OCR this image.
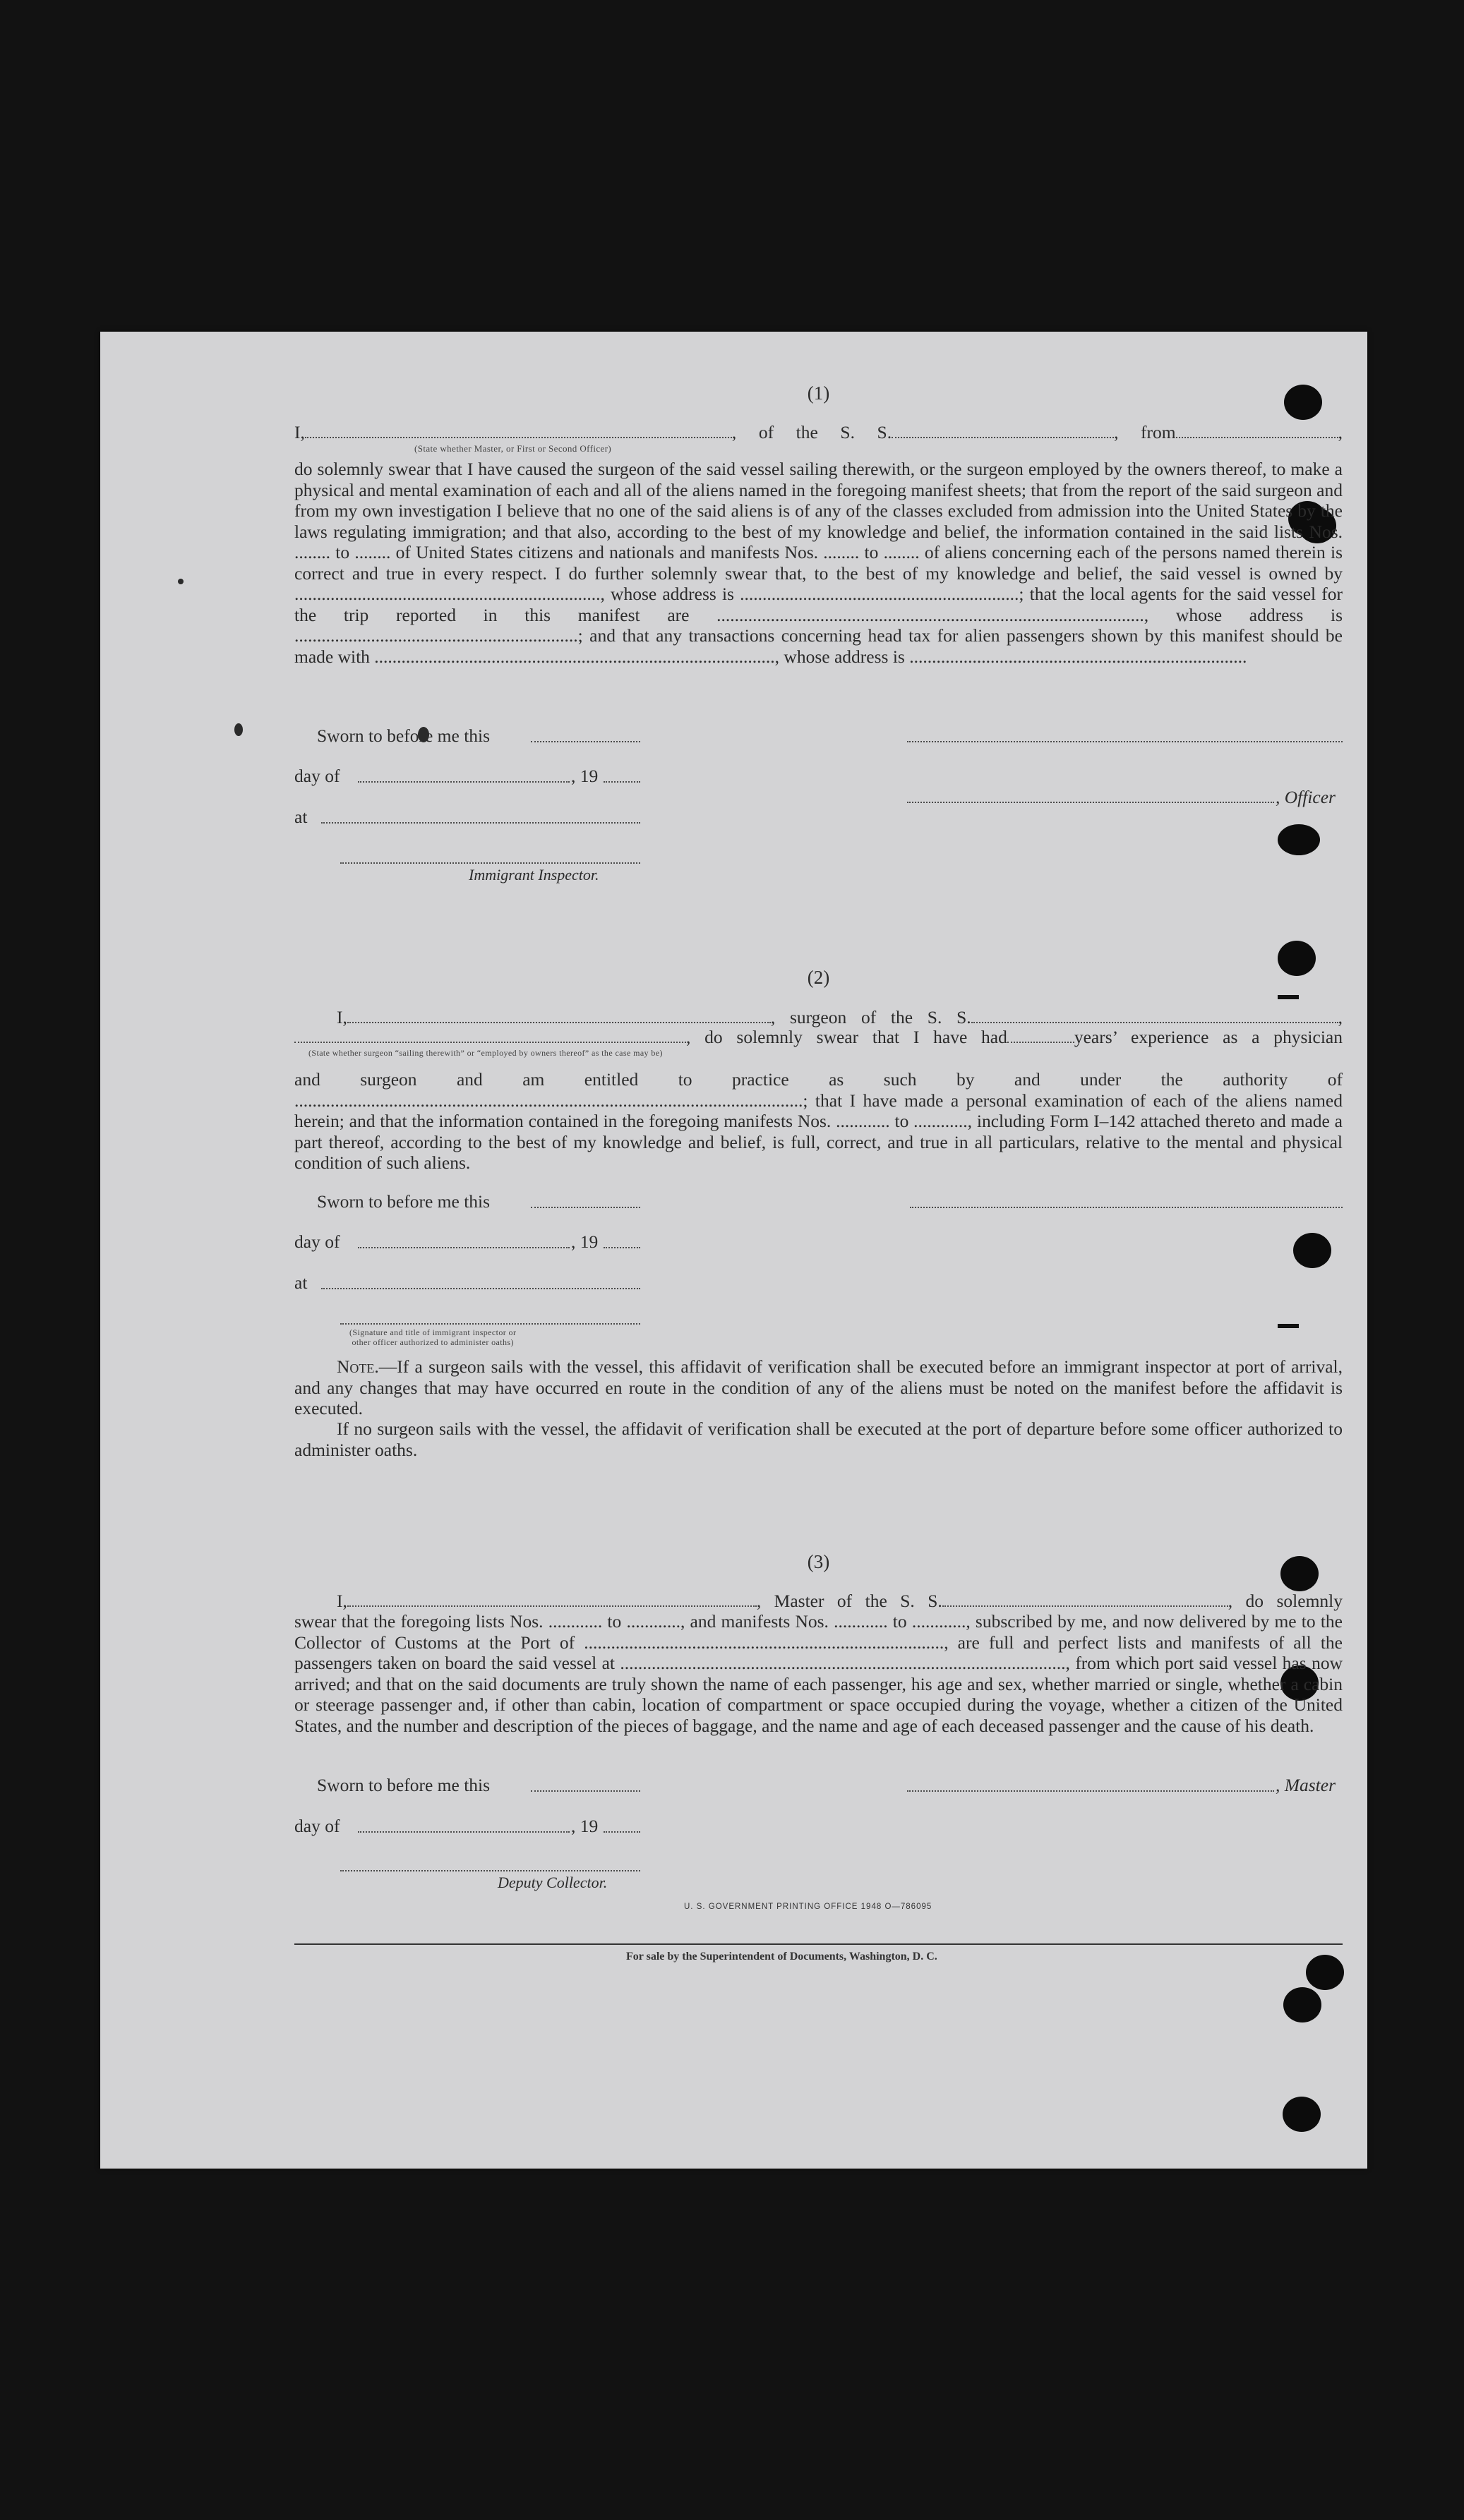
(1)
I,	, of the S. S.	, from	,
(State whether Master, or First or Second Officer)
do solemnly swear that I have caused the surgeon of the said vessel sailing therewith, or the surgeon employed by the owners thereof, to make a physical and mental examination of each and all of the aliens named in the foregoing manifest sheets; that from the report of the said surgeon and from my own investigation I believe that no one of the said aliens is of any of the classes excluded from admission into the United States by the laws regulating immigration; and that also, according to the best of my knowledge and belief, the information contained in the said lists Nos. ........ to ........ of United States citizens and nationals and manifests Nos. ........ to ........ of aliens concerning each of the persons named therein is correct and true in every respect. I do further solemnly swear that, to the best of my knowledge and belief, the said vessel is owned by ...................................................................., whose address is ..............................................................; that the local agents for the said vessel for the trip reported in this manifest are ..............................................................................................., whose address is ...............................................................; and that any transactions concerning head tax for alien passengers shown by this manifest should be made with ........................................................................................., whose address is ...........................................................................
Sworn to before me this
day of	, 19
, Officer
at
Immigrant Inspector.
(2)
I,	, surgeon of the S. S.	,
, do solemnly swear that I have had	years’ experience as a physician
(State whether surgeon “sailing therewith” or “employed by owners thereof” as the case may be)
and surgeon and am entitled to practice as such by and under the authority of .................................................................................................................; that I have made a personal examination of each of the aliens named herein; and that the information contained in the foregoing manifests Nos. ............ to ............, including Form I–142 attached thereto and made a part thereof, according to the best of my knowledge and belief, is full, correct, and true in all particulars, relative to the mental and physical condition of such aliens.
Sworn to before me this
day of	, 19
at
(Signature and title of immigrant inspector or
other officer authorized to administer oaths)
Note.—If a surgeon sails with the vessel, this affidavit of verification shall be executed before an immigrant inspector at port of arrival, and any changes that may have occurred en route in the condition of any of the aliens must be noted on the manifest before the affidavit is executed.
If no surgeon sails with the vessel, the affidavit of verification shall be executed at the port of departure before some officer authorized to administer oaths.
(3)
I,	, Master of the S. S.	, do solemnly
swear that the foregoing lists Nos. ............ to ............, and manifests Nos. ............ to ............, subscribed by me, and now delivered by me to the Collector of Customs at the Port of ................................................................................, are full and perfect lists and manifests of all the passengers taken on board the said vessel at ..................................................................................................., from which port said vessel has now arrived; and that on the said documents are truly shown the name of each passenger, his age and sex, whether married or single, whether a cabin or steerage passenger and, if other than cabin, location of compartment or space occupied during the voyage, whether a citizen of the United States, and the number and description of the pieces of baggage, and the name and age of each deceased passenger and the cause of his death.
Sworn to before me this	, Master
day of	, 19
Deputy Collector.
U. S. GOVERNMENT PRINTING OFFICE 1948 O—786095
For sale by the Superintendent of Documents, Washington, D. C.
